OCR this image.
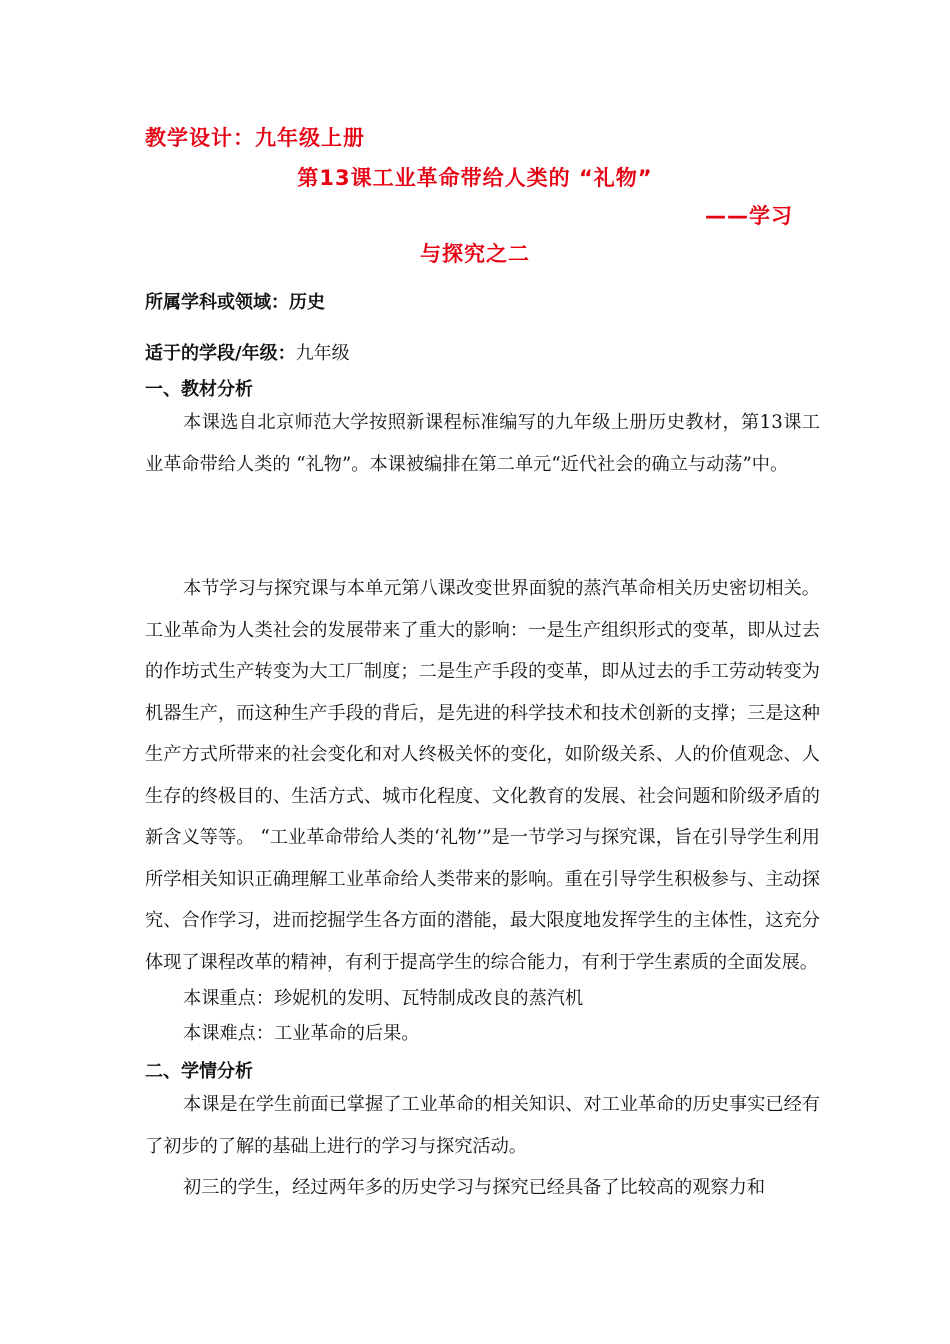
教学设计：九年级上册
第13课工业革命带给人类的 “礼物”
——学习
与探究之二
所属学科或领域：历史
适于的学段/年级：九年级
一、教材分析

本课选自北京师范大学按照新课程标准编写的九年级上册历史教材，第13课工业革命带给人类的 “礼物”。本课被编排在第二单元“近代社会的确立与动荡”中。

本节学习与探究课与本单元第八课改变世界面貌的蒸汽革命相关历史密切相关。工业革命为人类社会的发展带来了重大的影响：一是生产组织形式的变革，即从过去的作坊式生产转变为大工厂制度；二是生产手段的变革，即从过去的手工劳动转变为机器生产，而这种生产手段的背后，是先进的科学技术和技术创新的支撑；三是这种生产方式所带来的社会变化和对人终极关怀的变化，如阶级关系、人的价值观念、人生存的终极目的、生活方式、城市化程度、文化教育的发展、社会问题和阶级矛盾的新含义等等。 “工业革命带给人类的‘礼物’”是一节学习与探究课，旨在引导学生利用所学相关知识正确理解工业革命给人类带来的影响。重在引导学生积极参与、主动探究、合作学习，进而挖掘学生各方面的潜能，最大限度地发挥学生的主体性，这充分体现了课程改革的精神，有利于提高学生的综合能力，有利于学生素质的全面发展。

本课重点：珍妮机的发明、瓦特制成改良的蒸汽机
本课难点：工业革命的后果。
二、学情分析

本课是在学生前面已掌握了工业革命的相关知识、对工业革命的历史事实已经有了初步的了解的基础上进行的学习与探究活动。

初三的学生，经过两年多的历史学习与探究已经具备了比较高的观察力和
